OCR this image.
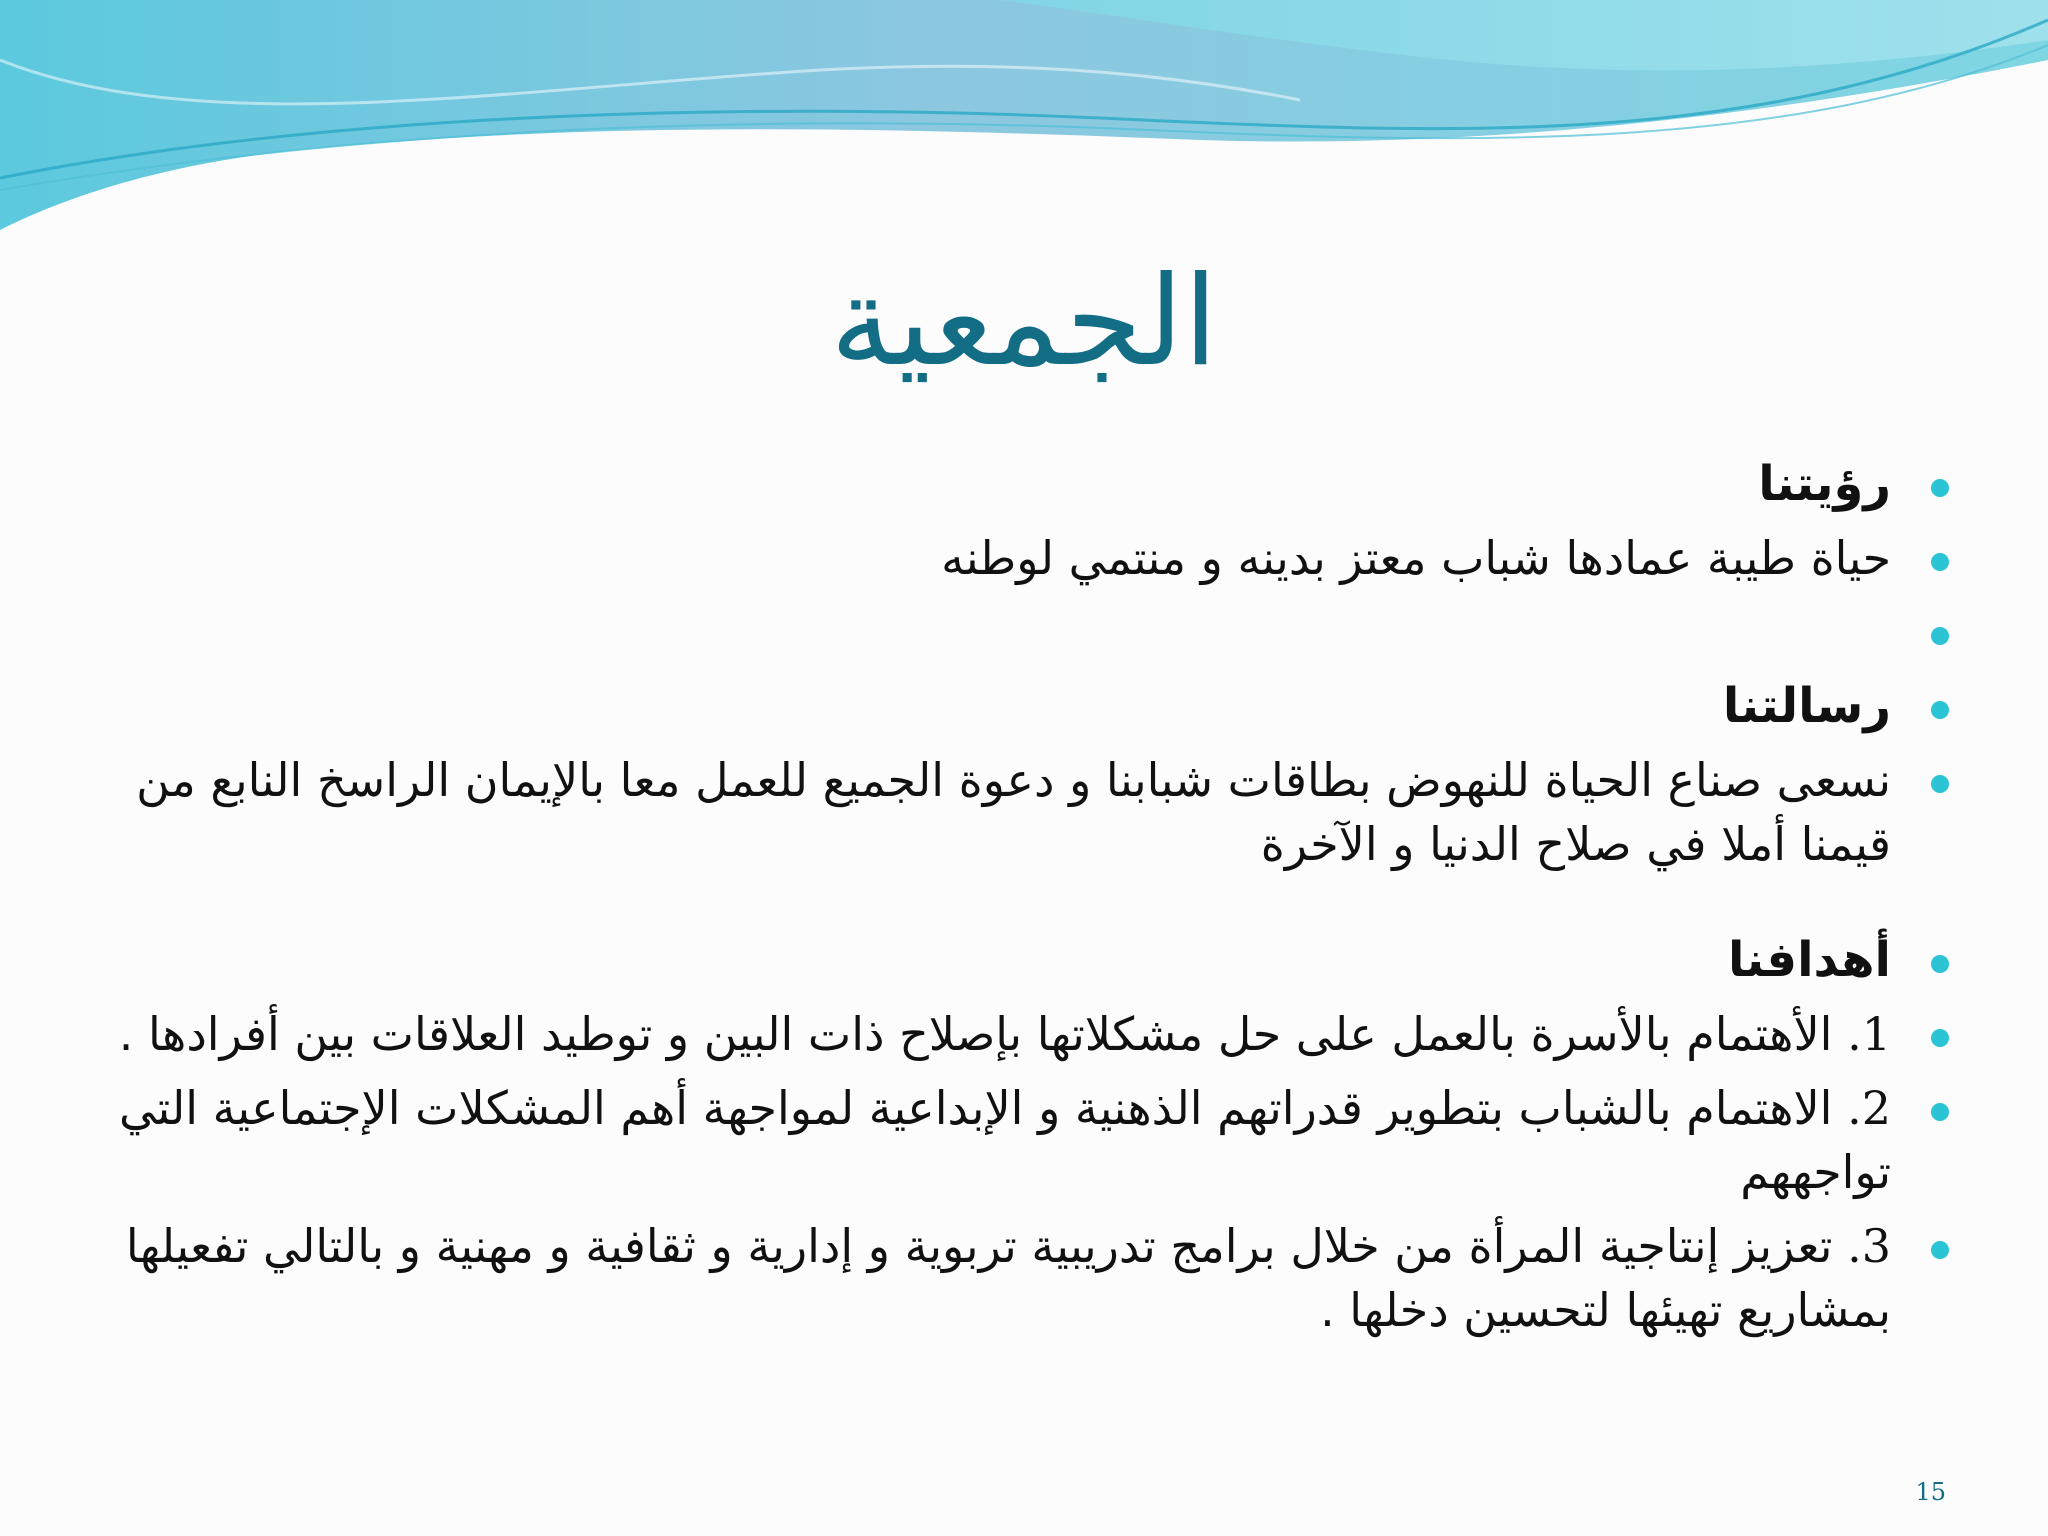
الجمعية
رؤيتنا
حياة طيبة عمادها شباب معتز بدينه و منتمي لوطنه
رسالتنا
نسعى صناع الحياة للنهوض بطاقات شبابنا و دعوة الجميع للعمل معا بالإيمان الراسخ النابع من قيمنا أملا في صلاح الدنيا و الآخرة
أهدافنا
1. الأهتمام بالأسرة بالعمل على حل مشكلاتها بإصلاح ذات البين و توطيد العلاقات بين أفرادها .
2. الاهتمام بالشباب بتطوير قدراتهم الذهنية و الإبداعية لمواجهة أهم المشكلات الإجتماعية التي تواجههم
3. تعزيز إنتاجية المرأة من خلال برامج تدريبية تربوية و إدارية و ثقافية و مهنية و بالتالي تفعيلها بمشاريع تهيئها لتحسين دخلها .
15
